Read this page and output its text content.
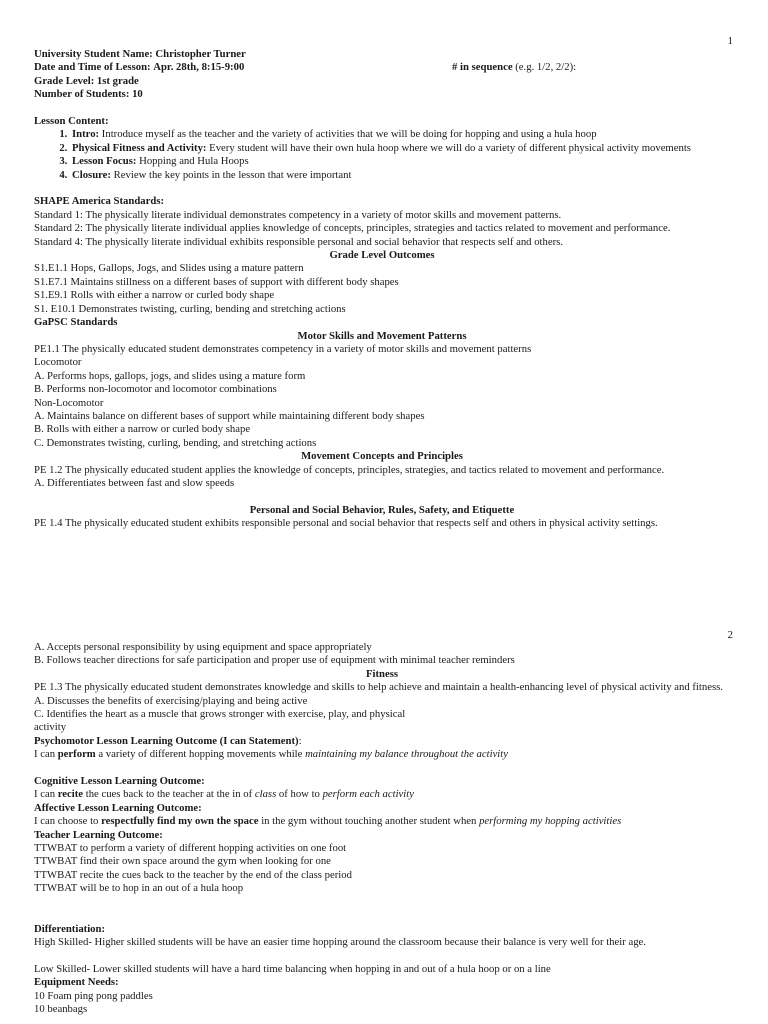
1
University Student Name: Christopher Turner
Date and Time of Lesson: Apr. 28th, 8:15-9:00	# in sequence (e.g. 1/2, 2/2):
Grade Level: 1st grade
Number of Students: 10
Lesson Content:
1. Intro: Introduce myself as the teacher and the variety of activities that we will be doing for hopping and using a hula hoop
2. Physical Fitness and Activity: Every student will have their own hula hoop where we will do a variety of different physical activity movements
3. Lesson Focus: Hopping and Hula Hoops
4. Closure: Review the key points in the lesson that were important
SHAPE America Standards:
Standard 1: The physically literate individual demonstrates competency in a variety of motor skills and movement patterns.
Standard 2: The physically literate individual applies knowledge of concepts, principles, strategies and tactics related to movement and performance.
Standard 4: The physically literate individual exhibits responsible personal and social behavior that respects self and others.
Grade Level Outcomes
S1.E1.1 Hops, Gallops, Jogs, and Slides using a mature pattern
S1.E7.1 Maintains stillness on a different bases of support with different body shapes
S1.E9.1 Rolls with either a narrow or curled body shape
S1. E10.1 Demonstrates twisting, curling, bending and stretching actions
GaPSC Standards
Motor Skills and Movement Patterns
PE1.1 The physically educated student demonstrates competency in a variety of motor skills and movement patterns
Locomotor
A. Performs hops, gallops, jogs, and slides using a mature form
B. Performs non-locomotor and locomotor combinations
Non-Locomotor
A. Maintains balance on different bases of support while maintaining different body shapes
B. Rolls with either a narrow or curled body shape
C. Demonstrates twisting, curling, bending, and stretching actions
Movement Concepts and Principles
PE 1.2 The physically educated student applies the knowledge of concepts, principles, strategies, and tactics related to movement and performance.
A. Differentiates between fast and slow speeds
Personal and Social Behavior, Rules, Safety, and Etiquette
PE 1.4 The physically educated student exhibits responsible personal and social behavior that respects self and others in physical activity settings.
2
A. Accepts personal responsibility by using equipment and space appropriately
B. Follows teacher directions for safe participation and proper use of equipment with minimal teacher reminders
Fitness
PE 1.3 The physically educated student demonstrates knowledge and skills to help achieve and maintain a health-enhancing level of physical activity and fitness.
A. Discusses the benefits of exercising/playing and being active
C. Identifies the heart as a muscle that grows stronger with exercise, play, and physical
activity
Psychomotor Lesson Learning Outcome (I can Statement):
I can perform a variety of different hopping movements while maintaining my balance throughout the activity
Cognitive Lesson Learning Outcome:
I can recite the cues back to the teacher at the in of class of how to perform each activity
Affective Lesson Learning Outcome:
I can choose to respectfully find my own the space in the gym without touching another student when performing my hopping activities
Teacher Learning Outcome:
TTWBAT to perform a variety of different hopping activities on one foot
TTWBAT find their own space around the gym when looking for one
TTWBAT recite the cues back to the teacher by the end of the class period
TTWBAT will be to hop in an out of a hula hoop
Differentiation:
High Skilled- Higher skilled students will be have an easier time hopping around the classroom because their balance is very well for their age.
Low Skilled- Lower skilled students will have a hard time balancing when hopping in and out of a hula hoop or on a line
Equipment Needs:
10 Foam ping pong paddles
10 beanbags
